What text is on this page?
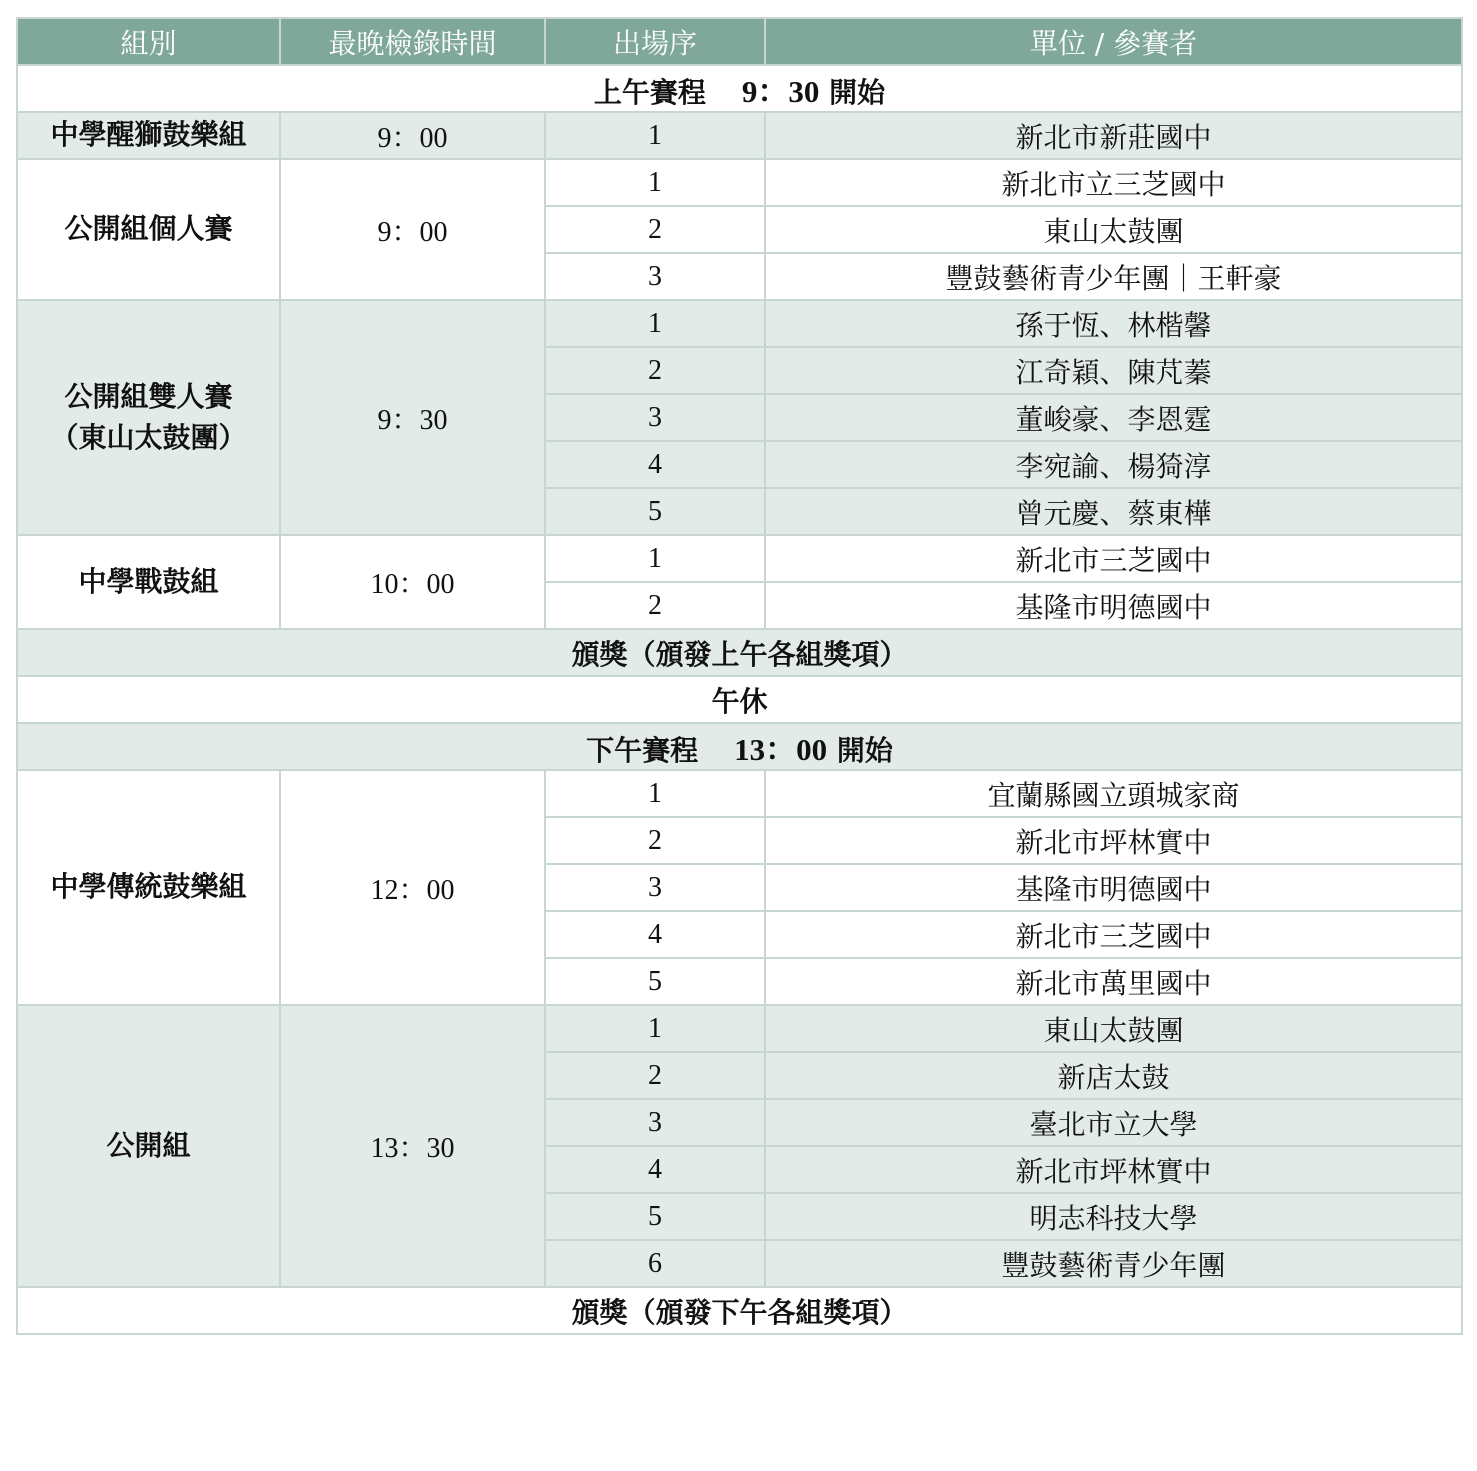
組別	最晚檢錄時間	出場序	單位 / 參賽者
上午賽程 9：30 開始			
中學醒獅鼓樂組	9：00	1	新北市新莊國中
公開組個人賽	9：00	1	新北市立三芝國中
		2	東山太鼓團
		3	豐鼓藝術青少年團｜王軒豪

公開組雙人賽
（東山太鼓團）	9：30	1	孫于恆、林楷馨
		2	江奇穎、陳芃蓁
		3	董峻豪、李恩霆
		4	李宛諭、楊猗淳
		5	曾元慶、蔡東樺
中學戰鼓組	10：00	1	新北市三芝國中
		2	基隆市明德國中
頒獎（頒發上午各組獎項）			
午休			
下午賽程 13：00 開始			
中學傳統鼓樂組	12：00	1	宜蘭縣國立頭城家商
		2	新北市坪林實中
		3	基隆市明德國中
		4	新北市三芝國中
		5	新北市萬里國中
公開組	13：30	1	東山太鼓團
		2	新店太鼓
		3	臺北市立大學
		4	新北市坪林實中
		5	明志科技大學
		6	豐鼓藝術青少年團
頒獎（頒發下午各組獎項）			
